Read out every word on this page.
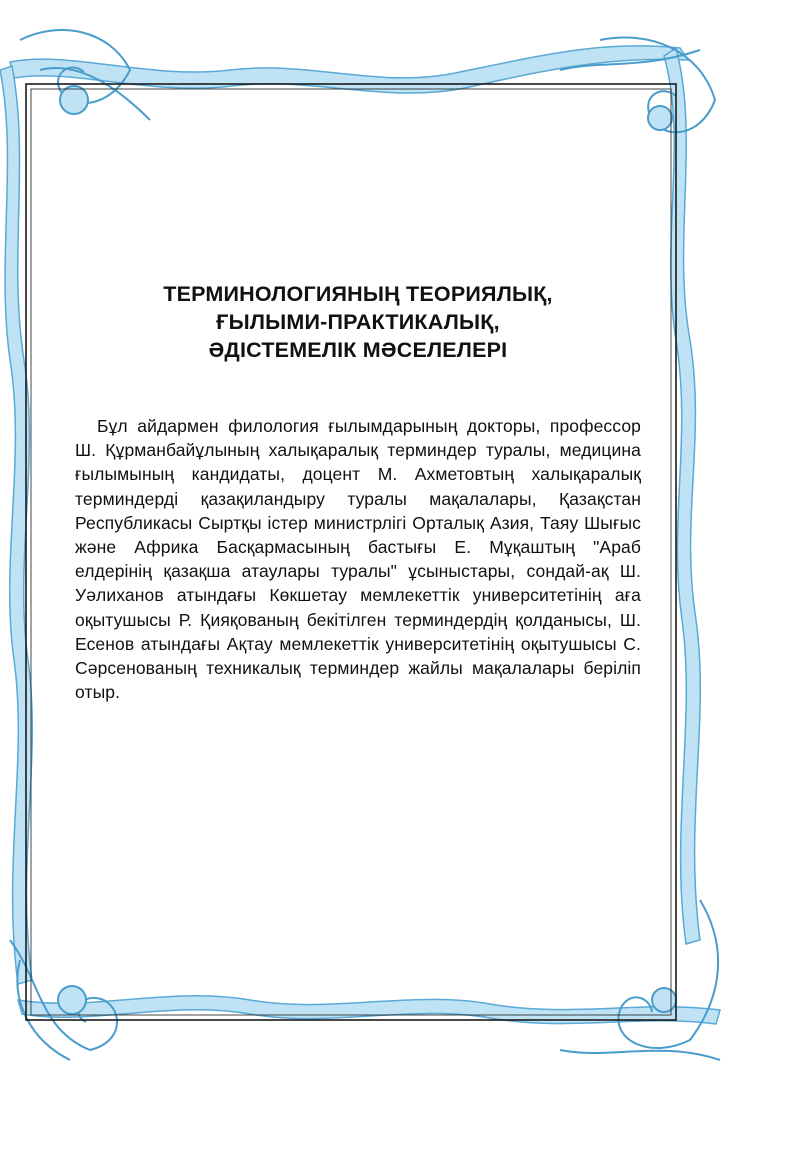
ТЕРМИНОЛОГИЯНЫҢ ТЕОРИЯЛЫҚ,
ҒЫЛЫМИ-ПРАКТИКАЛЫҚ,
ӘДІСТЕМЕЛІК МӘСЕЛЕЛЕРІ

Бұл айдармен филология ғылымдарының докторы, профессор Ш. Құрманбайұлының халықаралық терминдер туралы, медицина ғылымының кандидаты, доцент М. Ахметовтың халықаралық терминдерді қазақиландыру туралы мақалалары, Қазақстан Республикасы Сыртқы істер министрлігі Орталық Азия, Таяу Шығыс және Африка Басқармасының бастығы Е. Мұқаштың "Араб елдерінің қазақша атаулары туралы" ұсыныстары, сондай-ақ Ш. Уәлиханов атындағы Көкшетау мемлекеттік университетінің аға оқытушысы Р. Қияқованың бекітілген терминдердің қолданысы, Ш. Есенов атындағы Ақтау мемлекеттік университетінің оқытушысы С. Сәрсенованың техникалық терминдер жайлы мақалалары беріліп отыр.
